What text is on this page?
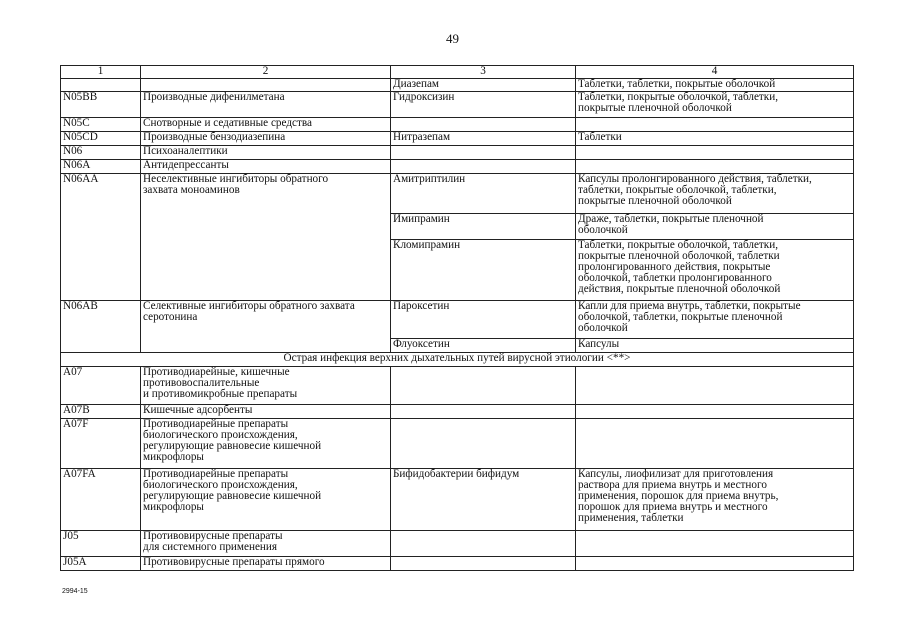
49
1	2	3	4
		Диазепам	Таблетки, таблетки, покрытые оболочкой
N05BB	Производные дифенилметана	Гидроксизин	Таблетки, покрытые оболочкой, таблетки,
покрытые пленочной оболочкой
N05C	Снотворные и седативные средства		
N05CD	Производные бензодиазепина	Нитразепам	Таблетки
N06	Психоаналептики		
N06A	Антидепрессанты		
N06AA	Неселективные ингибиторы обратного
захвата моноаминов	Амитриптилин	Капсулы пролонгированного действия, таблетки,
таблетки, покрытые оболочкой, таблетки,
покрытые пленочной оболочкой
		Имипрамин	Драже, таблетки, покрытые пленочной
оболочкой
		Кломипрамин	Таблетки, покрытые оболочкой, таблетки,
покрытые пленочной оболочкой, таблетки
пролонгированного действия, покрытые
оболочкой, таблетки пролонгированного
действия, покрытые пленочной оболочкой
N06AB	Селективные ингибиторы обратного захвата
серотонина	Пароксетин	Капли для приема внутрь, таблетки, покрытые
оболочкой, таблетки, покрытые пленочной
оболочкой
		Флуоксетин	Капсулы
Острая инфекция верхних дыхательных путей вирусной этиологии <**>			
A07	Противодиарейные, кишечные
противовоспалительные
и противомикробные препараты		
A07B	Кишечные адсорбенты		
A07F	Противодиарейные препараты
биологического происхождения,
регулирующие равновесие кишечной
микрофлоры		
A07FA	Противодиарейные препараты
биологического происхождения,
регулирующие равновесие кишечной
микрофлоры	Бифидобактерии бифидум	Капсулы, лиофилизат для приготовления
раствора для приема внутрь и местного
применения, порошок для приема внутрь,
порошок для приема внутрь и местного
применения, таблетки
J05	Противовирусные препараты
для системного применения		
J05A	Противовирусные препараты прямого		
2994-15
